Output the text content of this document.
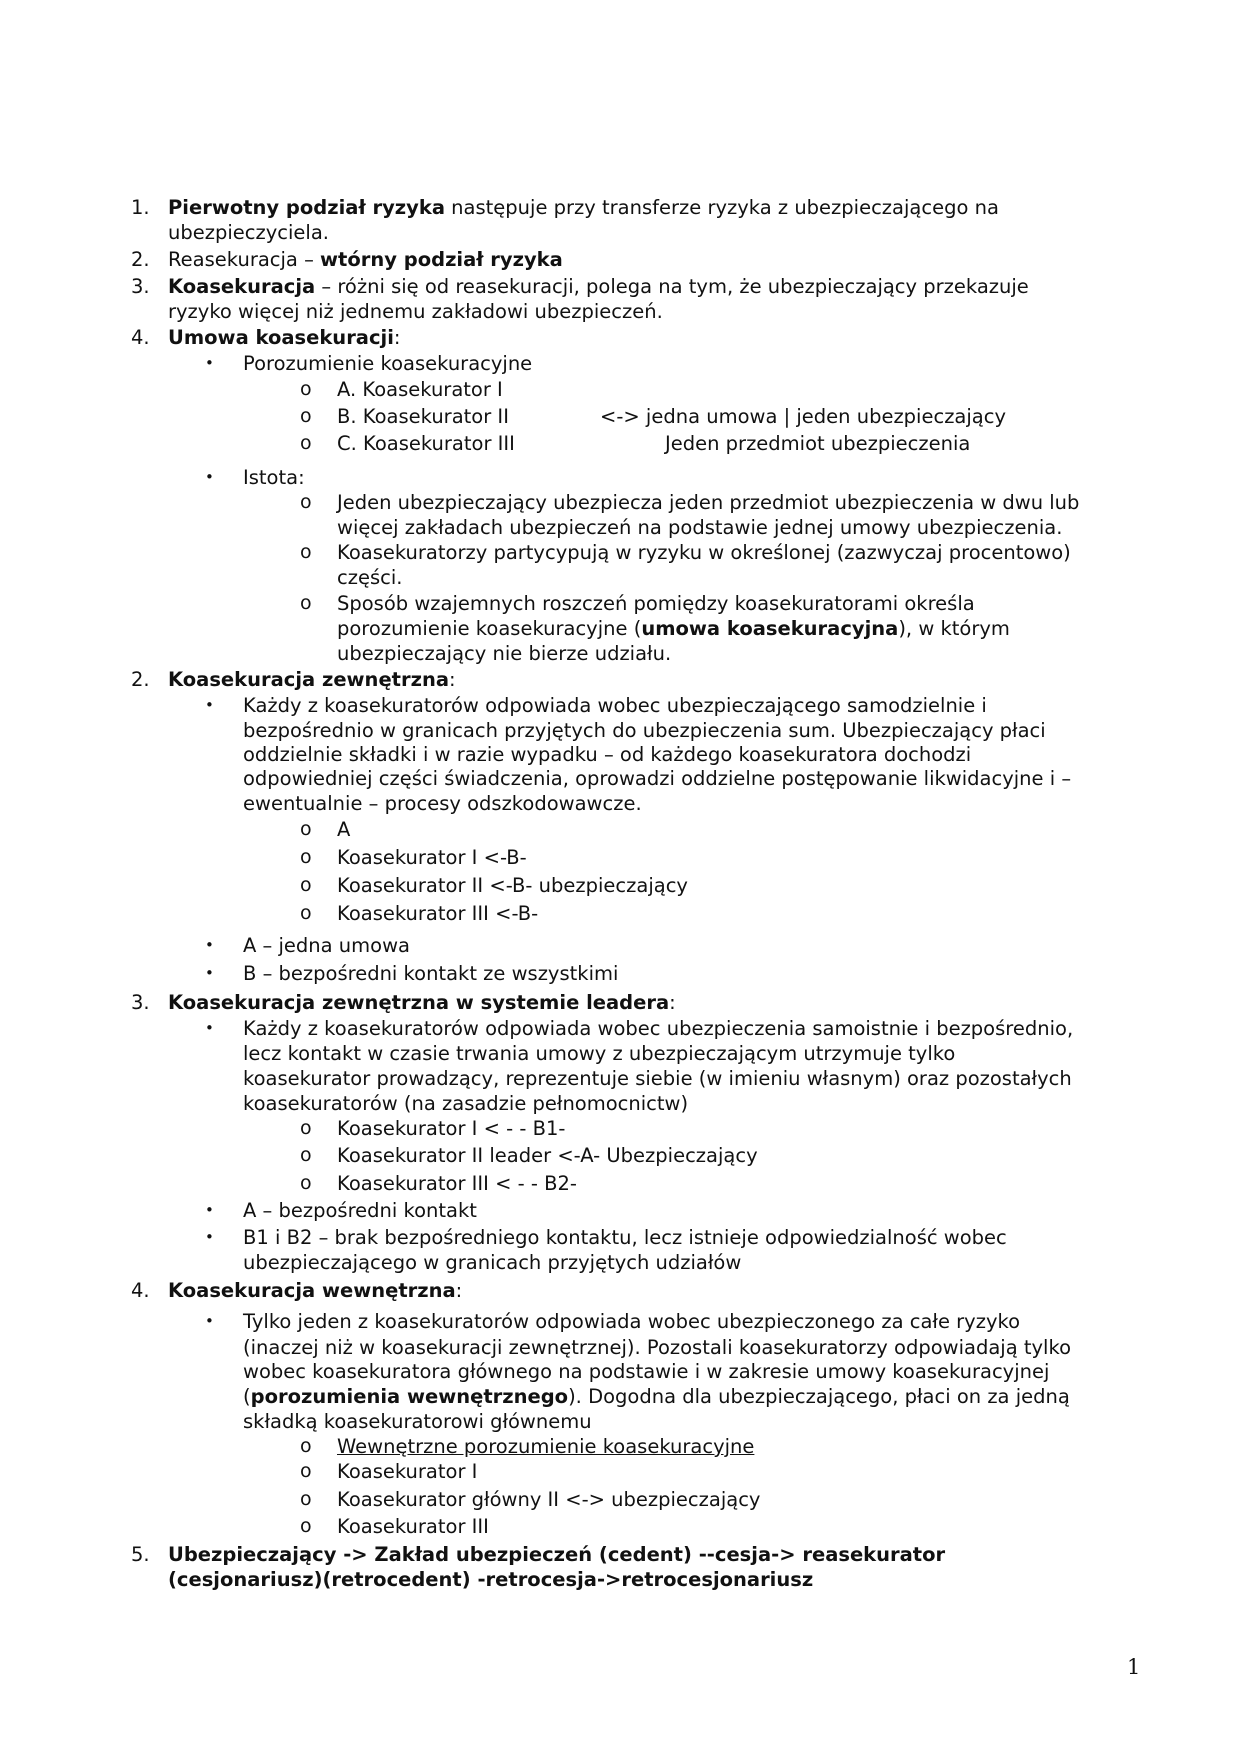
1. Pierwotny podział ryzyka następuje przy transferze ryzyka z ubezpieczającego na
ubezpieczyciela.
2. Reasekuracja – wtórny podział ryzyka
3. Koasekuracja – różni się od reasekuracji, polega na tym, że ubezpieczający przekazuje
ryzyko więcej niż jednemu zakładowi ubezpieczeń.
4. Umowa koasekuracji:
• Porozumienie koasekuracyjne
o A. Koasekurator I
o B. Koasekurator II	<-> jedna umowa | jeden ubezpieczający
o C. Koasekurator III	Jeden przedmiot ubezpieczenia
• Istota:
o Jeden ubezpieczający ubezpiecza jeden przedmiot ubezpieczenia w dwu lub
więcej zakładach ubezpieczeń na podstawie jednej umowy ubezpieczenia.
o Koasekuratorzy partycypują w ryzyku w określonej (zazwyczaj procentowo)
części.
o Sposób wzajemnych roszczeń pomiędzy koasekuratorami określa
porozumienie koasekuracyjne (umowa koasekuracyjna), w którym
ubezpieczający nie bierze udziału.
2. Koasekuracja zewnętrzna:
• Każdy z koasekuratorów odpowiada wobec ubezpieczającego samodzielnie i
bezpośrednio w granicach przyjętych do ubezpieczenia sum. Ubezpieczający płaci
oddzielnie składki i w razie wypadku – od każdego koasekuratora dochodzi
odpowiedniej części świadczenia, oprowadzi oddzielne postępowanie likwidacyjne i –
ewentualnie – procesy odszkodowawcze.
o A
o Koasekurator I <-B-
o Koasekurator II <-B- ubezpieczający
o Koasekurator III <-B-
• A – jedna umowa
• B – bezpośredni kontakt ze wszystkimi
3. Koasekuracja zewnętrzna w systemie leadera:
• Każdy z koasekuratorów odpowiada wobec ubezpieczenia samoistnie i bezpośrednio,
lecz kontakt w czasie trwania umowy z ubezpieczającym utrzymuje tylko
koasekurator prowadzący, reprezentuje siebie (w imieniu własnym) oraz pozostałych
koasekuratorów (na zasadzie pełnomocnictw)
o Koasekurator I < - - B1-
o Koasekurator II leader <-A- Ubezpieczający
o Koasekurator III < - - B2-
• A – bezpośredni kontakt
• B1 i B2 – brak bezpośredniego kontaktu, lecz istnieje odpowiedzialność wobec
ubezpieczającego w granicach przyjętych udziałów
4. Koasekuracja wewnętrzna:
• Tylko jeden z koasekuratorów odpowiada wobec ubezpieczonego za całe ryzyko
(inaczej niż w koasekuracji zewnętrznej). Pozostali koasekuratorzy odpowiadają tylko
wobec koasekuratora głównego na podstawie i w zakresie umowy koasekuracyjnej
(porozumienia wewnętrznego). Dogodna dla ubezpieczającego, płaci on za jedną
składką koasekuratorowi głównemu
o Wewnętrzne porozumienie koasekuracyjne
o Koasekurator I
o Koasekurator główny II <-> ubezpieczający
o Koasekurator III
5. Ubezpieczający -> Zakład ubezpieczeń (cedent) --cesja-> reasekurator
(cesjonariusz)(retrocedent) -retrocesja->retrocesjonariusz
1
